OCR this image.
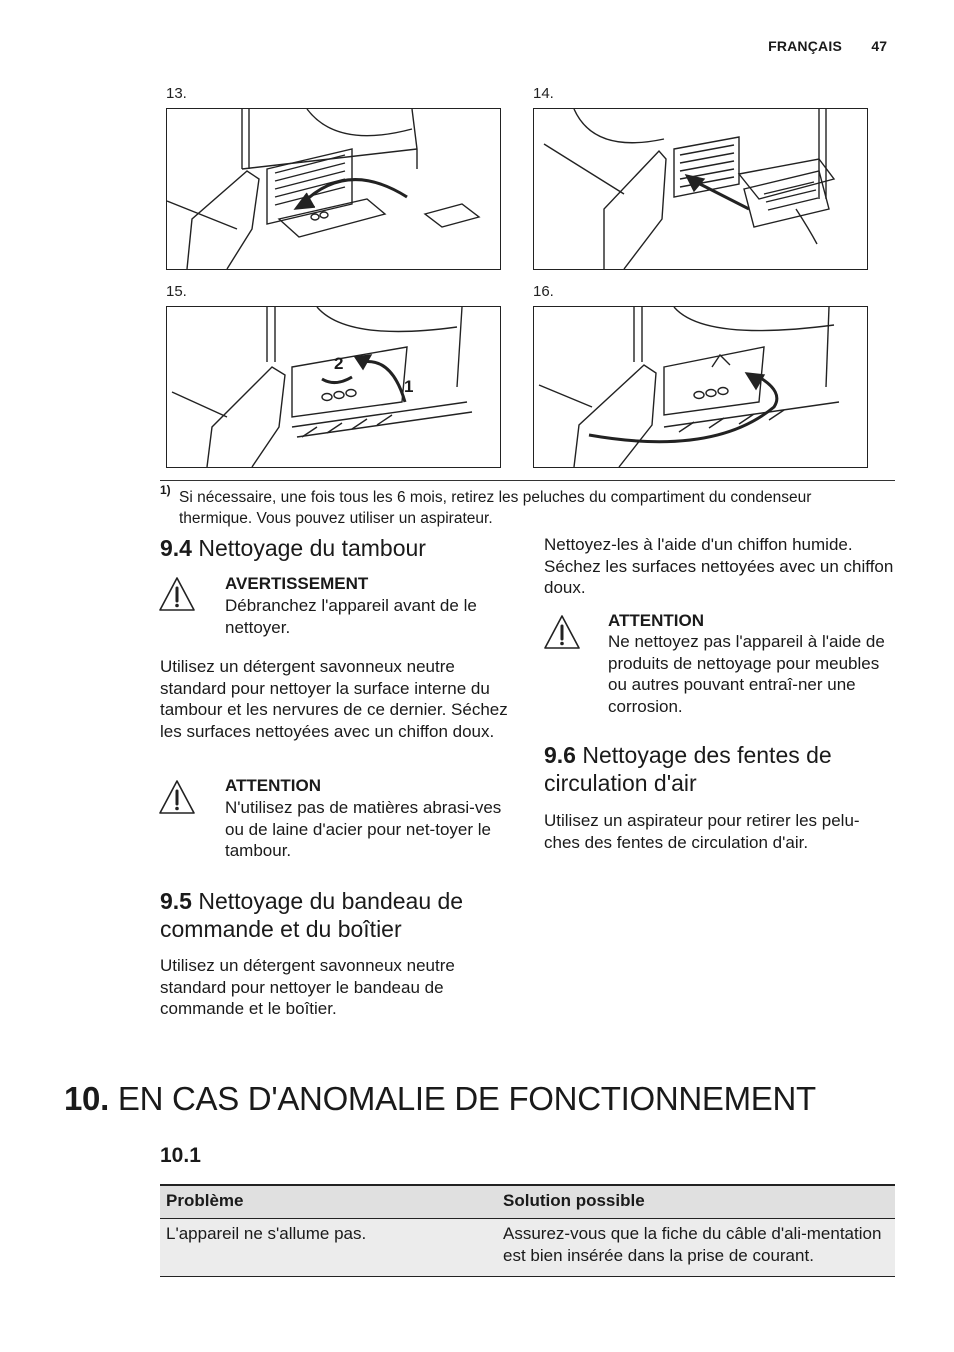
FRANÇAIS 47
13.	14.
15.
2
1
16.
1) Si nécessaire, une fois tous les 6 mois, retirez les peluches du compartiment du condenseur thermique. Vous pouvez utiliser un aspirateur.
9.4 Nettoyage du tambour
AVERTISSEMENT
Débranchez l'appareil avant de le nettoyer.
Utilisez un détergent savonneux neutre standard pour nettoyer la surface interne du tambour et les nervures de ce dernier. Séchez les surfaces nettoyées avec un chiffon doux.
ATTENTION
N'utilisez pas de matières abrasi-ves ou de laine d'acier pour net-toyer le tambour.
9.5 Nettoyage du bandeau de commande et du boîtier
Utilisez un détergent savonneux neutre standard pour nettoyer le bandeau de commande et le boîtier.
Nettoyez-les à l'aide d'un chiffon humide. Séchez les surfaces nettoyées avec un chiffon doux.
ATTENTION
Ne nettoyez pas l'appareil à l'aide de produits de nettoyage pour meubles ou autres pouvant entraî-ner une corrosion.
9.6 Nettoyage des fentes de circulation d'air
Utilisez un aspirateur pour retirer les pelu-ches des fentes de circulation d'air.
10. EN CAS D'ANOMALIE DE FONCTIONNEMENT
10.1
Problème	Solution possible
L'appareil ne s'allume pas.	Assurez-vous que la fiche du câble d'ali-mentation est bien insérée dans la prise de courant.
